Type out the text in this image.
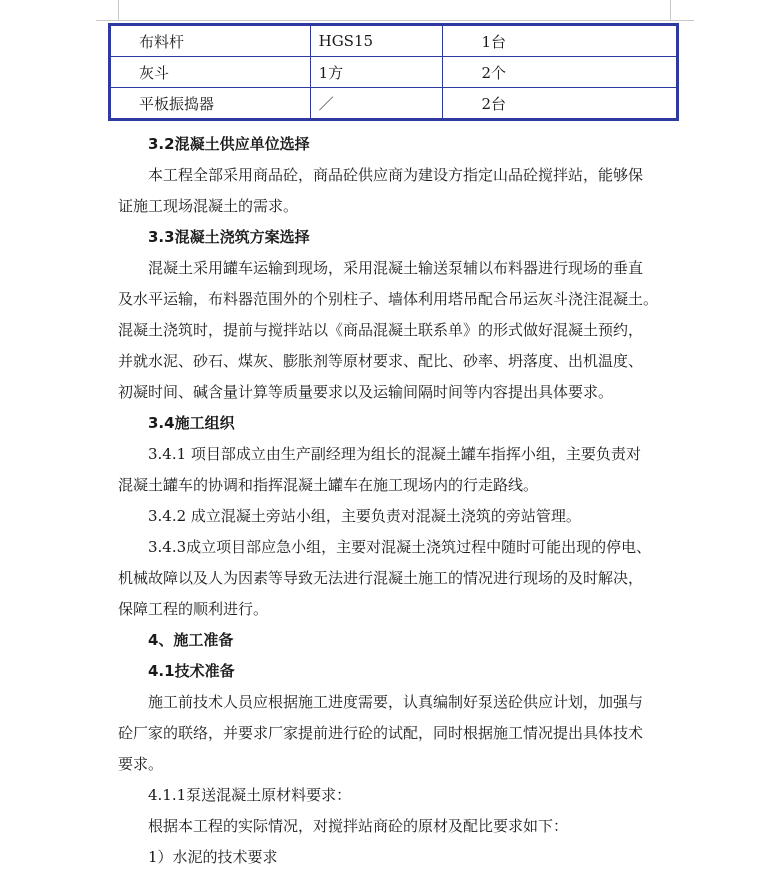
布料杆	HGS15	1台
灰斗	1方	2个
平板振捣器	／	2台
3.2混凝土供应单位选择
本工程全部采用商品砼，商品砼供应商为建设方指定山品砼搅拌站，能够保
证施工现场混凝土的需求。
3.3混凝土浇筑方案选择
混凝土采用罐车运输到现场，采用混凝土输送泵辅以布料器进行现场的垂直
及水平运输，布料器范围外的个别柱子、墙体利用塔吊配合吊运灰斗浇注混凝土。
混凝土浇筑时，提前与搅拌站以《商品混凝土联系单》的形式做好混凝土预约，
并就水泥、砂石、煤灰、膨胀剂等原材要求、配比、砂率、坍落度、出机温度、
初凝时间、碱含量计算等质量要求以及运输间隔时间等内容提出具体要求。
3.4施工组织
3.4.1 项目部成立由生产副经理为组长的混凝土罐车指挥小组，主要负责对
混凝土罐车的协调和指挥混凝土罐车在施工现场内的行走路线。
3.4.2 成立混凝土旁站小组，主要负责对混凝土浇筑的旁站管理。
3.4.3成立项目部应急小组，主要对混凝土浇筑过程中随时可能出现的停电、
机械故障以及人为因素等导致无法进行混凝土施工的情况进行现场的及时解决，
保障工程的顺利进行。
4、施工准备
4.1技术准备
施工前技术人员应根据施工进度需要，认真编制好泵送砼供应计划，加强与
砼厂家的联络，并要求厂家提前进行砼的试配，同时根据施工情况提出具体技术
要求。
4.1.1泵送混凝土原材料要求：
根据本工程的实际情况，对搅拌站商砼的原材及配比要求如下：
1）水泥的技术要求
